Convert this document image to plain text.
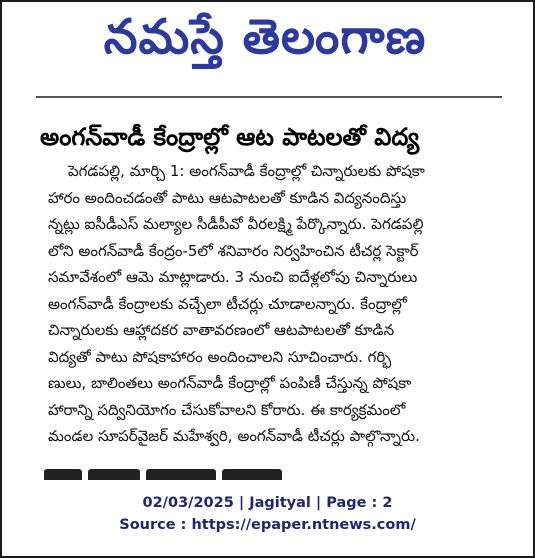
నమస్తే తెలంగాణ
అంగన్‌వాడీ కేంద్రాల్లో ఆట పాటలతో విద్య
పెగడపల్లి, మార్చి 1: అంగన్‌వాడీ కేంద్రాల్లో చిన్నారులకు పోషకా
హారం అందించడంతో పాటు ఆటపాటలతో కూడిన విద్యనందిస్తు
న్నట్లు ఐసీడీఎస్ మల్యాల సీడీపీవో వీరలక్ష్మి పేర్కొన్నారు. పెగడపల్లి
లోని అంగన్‌వాడీ కేంద్రం-5లో శనివారం నిర్వహించిన టీచర్ల సెక్టార్
సమావేశంలో ఆమె మాట్లాడారు. 3 నుంచి ఐదేళ్లలోపు చిన్నారులు
అంగన్‌వాడీ కేంద్రాలకు వచ్చేలా టీచర్లు చూడాలన్నారు. కేంద్రాల్లో
చిన్నారులకు ఆహ్లాదకర వాతావరణంలో ఆటపాటలతో కూడిన
విద్యతో పాటు పోషకాహారం అందించాలని సూచించారు. గర్భి
ణులు, బాలింతలు అంగన్‌వాడీ కేంద్రాల్లో పంపిణీ చేస్తున్న పోషకా
హారాన్ని సద్వినియోగం చేసుకోవాలని కోరారు. ఈ కార్యక్రమంలో
మండల సూపర్‌వైజర్ మహేశ్వరి, అంగన్‌వాడీ టీచర్లు పాల్గొన్నారు.
02/03/2025 | Jagityal | Page : 2
Source : https://epaper.ntnews.com/
